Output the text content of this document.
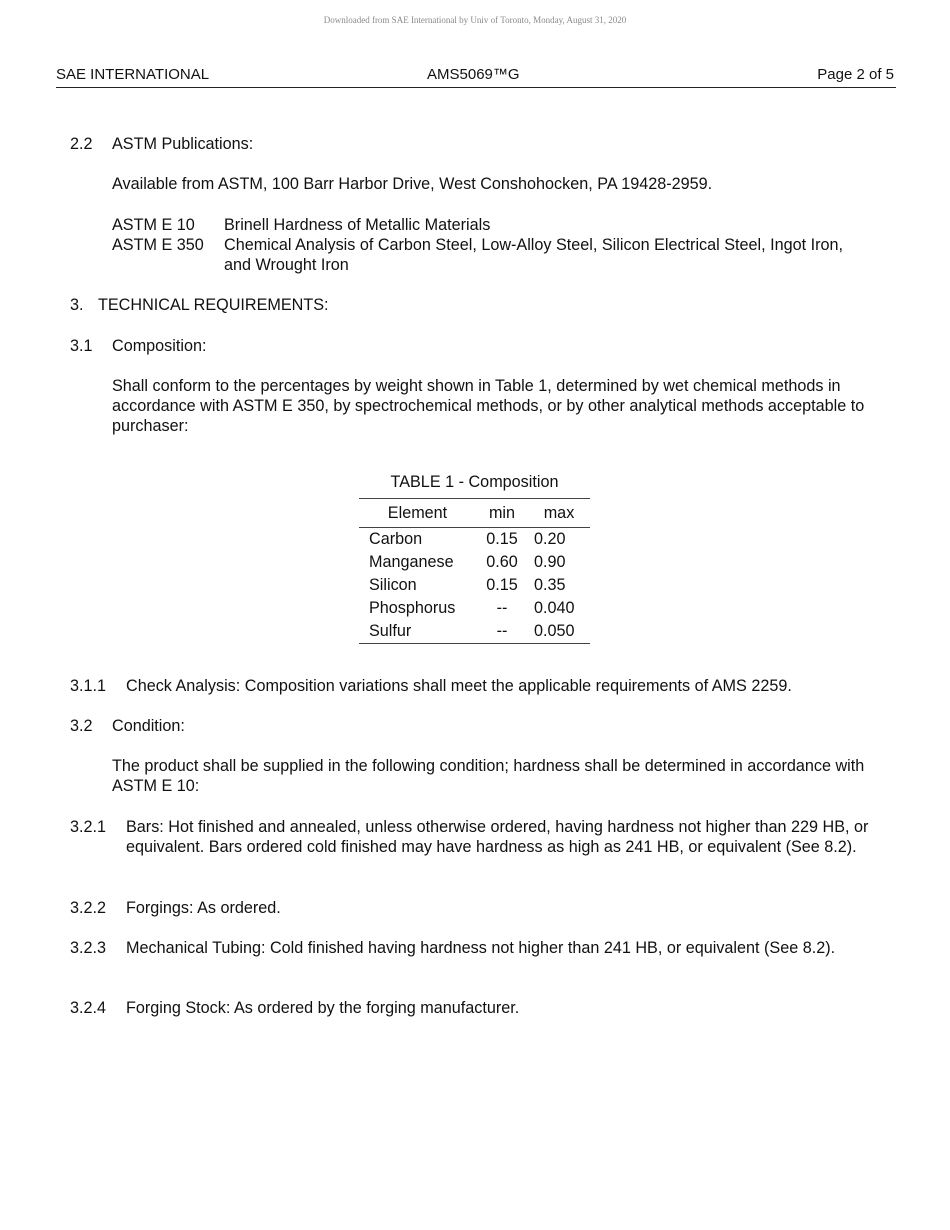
Downloaded from SAE International by Univ of Toronto, Monday, August 31, 2020
SAE INTERNATIONAL	AMS5069™G	Page 2 of 5
2.2 ASTM Publications:
Available from ASTM, 100 Barr Harbor Drive, West Conshohocken, PA 19428-2959.
ASTM E 10 Brinell Hardness of Metallic Materials
ASTM E 350 Chemical Analysis of Carbon Steel, Low-Alloy Steel, Silicon Electrical Steel, Ingot Iron, and Wrought Iron
3. TECHNICAL REQUIREMENTS:
3.1 Composition:
Shall conform to the percentages by weight shown in Table 1, determined by wet chemical methods in accordance with ASTM E 350, by spectrochemical methods, or by other analytical methods acceptable to purchaser:
TABLE 1 - Composition
Element	min	max
Carbon	0.15	0.20
Manganese	0.60	0.90
Silicon	0.15	0.35
Phosphorus	--	0.040
Sulfur	--	0.050
3.1.1 Check Analysis: Composition variations shall meet the applicable requirements of AMS 2259.
3.2 Condition:
The product shall be supplied in the following condition; hardness shall be determined in accordance with ASTM E 10:
3.2.1 Bars: Hot finished and annealed, unless otherwise ordered, having hardness not higher than 229 HB, or equivalent. Bars ordered cold finished may have hardness as high as 241 HB, or equivalent (See 8.2).
3.2.2 Forgings: As ordered.
3.2.3 Mechanical Tubing: Cold finished having hardness not higher than 241 HB, or equivalent (See 8.2).
3.2.4 Forging Stock: As ordered by the forging manufacturer.
